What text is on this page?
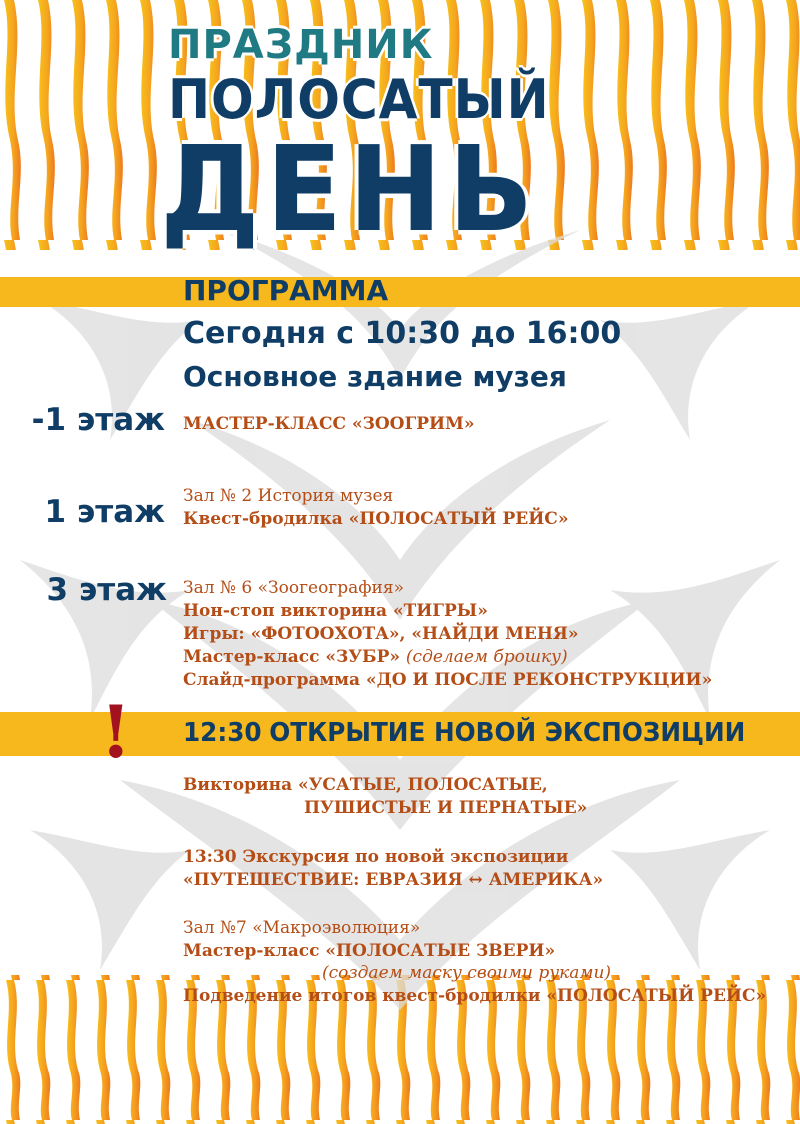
ПРАЗДНИК
ПОЛОСАТЫЙ
ДЕНЬ
ПРОГРАММА
Сегодня с 10:30 до 16:00
Основное здание музея
-1 этаж МАСТЕР-КЛАСС «ЗООГРИМ»
1 этаж Зал № 2 История музея
Квест-бродилка «ПОЛОСАТЫЙ РЕЙС»
3 этаж Зал № 6 «Зоогеография»
Нон-стоп викторина «ТИГРЫ»
Игры: «ФОТООХОТА», «НАЙДИ МЕНЯ»
Мастер-класс «ЗУБР» (сделаем брошку)
Слайд-программа «ДО И ПОСЛЕ РЕКОНСТРУКЦИИ»
! 12:30 ОТКРЫТИЕ НОВОЙ ЭКСПОЗИЦИИ
Викторина «УСАТЫЕ, ПОЛОСАТЫЕ,
ПУШИСТЫЕ И ПЕРНАТЫЕ»
13:30 Экскурсия по новой экспозиции
«ПУТЕШЕСТВИЕ: ЕВРАЗИЯ ↔ АМЕРИКА»
Зал №7 «Макроэволюция»
Мастер-класс «ПОЛОСАТЫЕ ЗВЕРИ»
(создаем маску своими руками)
Подведение итогов квест-бродилки «ПОЛОСАТЫЙ РЕЙС»
